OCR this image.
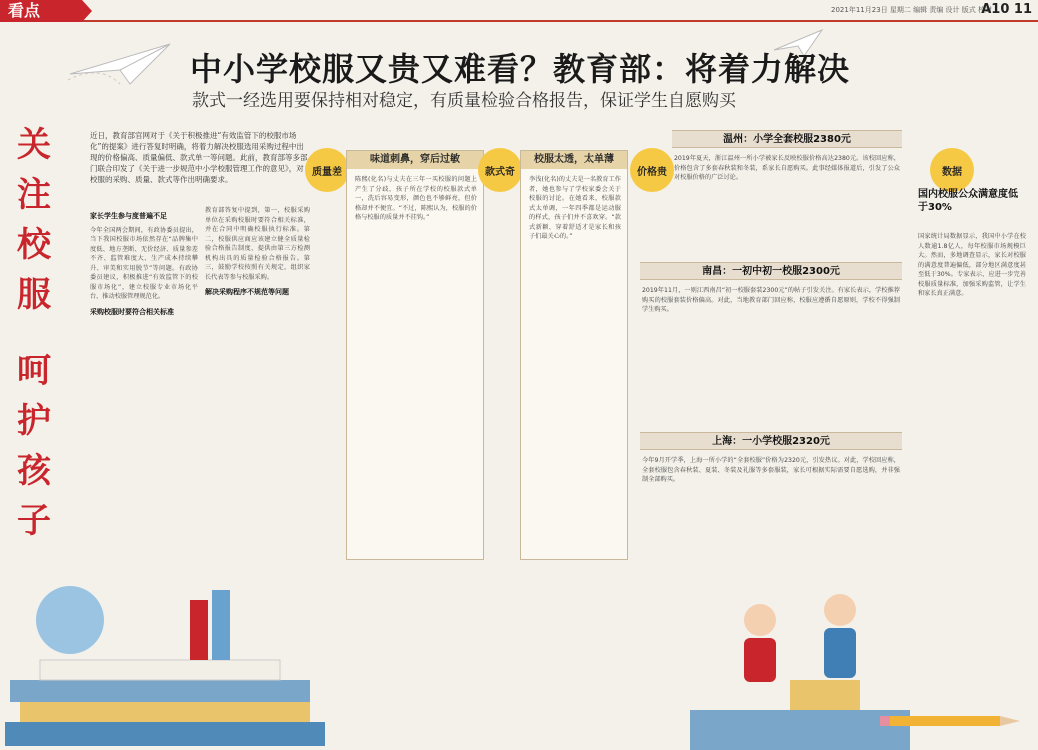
看点	2021年11月23日 星期二 编辑 责编 设计 版式 校对
A10 11
关
注
校
服
呵
护
孩
子
中小学校服又贵又难看？教育部：将着力解决
款式一经选用要保持相对稳定，有质量检验合格报告，保证学生自愿购买
近日，教育部官网对于《关于积极推进“有效监管下的校服市场化”的提案》进行答复时明确，将着力解决校服选用采购过程中出现的价格偏高、质量偏低、款式单一等问题。此前，教育部等多部门联合印发了《关于进一步规范中小学校服管理工作的意见》，对校服的采购、质量、款式等作出明确要求。
家长学生参与度普遍不足
今年全国两会期间，有政协委员提出，当下我国校服市场依然存在“品牌集中度低、地方垄断、无价经济、质量参差不齐、监管难度大、生产成本持续攀升、审美和实用脱节”等问题。有政协委员建议，积极推进“有效监管下的校服市场化”，建立校服专业市场化平台，推动校服管理规范化。
采购校服时要符合相关标准
教育部答复中提到，第一，校服采购单位在采购校服时要符合相关标准，并在合同中明确校服执行标准。第二，校服供应商应该建立健全质量检验合格报告制度，提供由第三方检测机构出具的质量检验合格报告。第三，鼓励学校按照有关规定，组织家长代表等参与校服采购。
解决采购程序不规范等问题
质量差
味道刺鼻，穿后过敏
陈熙(化名)与丈夫在三年一买校服的问题上产生了分歧，孩子所在学校的校服款式单一，洗后容易变形，颜色也不够鲜亮，但价格却并不便宜。“不过，陈熙认为，校服的价格与校服的质量并不挂钩。”
款式奇
校服太透，太单薄
李浅(化名)的丈夫是一名教育工作者，她也参与了学校家委会关于校服的讨论。在她看来，校服款式太单调，一年四季都是运动服的样式，孩子们并不喜欢穿。“款式新颖、穿着舒适才是家长和孩子们最关心的。”
价格贵
温州：小学全套校服2380元
2019年夏天，浙江温州一所小学被家长反映校服价格高达2380元。该校回应称，价格包含了多套春秋装和冬装，系家长自愿购买。此事经媒体报道后，引发了公众对校服价格的广泛讨论。
南昌：一初中初一校服2300元
2019年11月，一则江西南昌“初一校服套装2300元”的帖子引发关注。有家长表示，学校推荐购买的校服套装价格偏高。对此，当地教育部门回应称，校服应遵循自愿原则，学校不得强制学生购买。
上海：一小学校服2320元
今年9月开学季，上海一所小学的“全套校服”价格为2320元，引发热议。对此，学校回应称，全套校服包含春秋装、夏装、冬装及礼服等多套服装，家长可根据实际需要自愿选购，并非强制全部购买。
数据
国内校服公众满意度低于30%
国家统计局数据显示，我国中小学在校人数逾1.8亿人，每年校服市场规模巨大。然而，多地调查显示，家长对校服的满意度普遍偏低，部分地区满意度甚至低于30%。专家表示，应进一步完善校服质量标准，加强采购监管，让学生和家长真正满意。
